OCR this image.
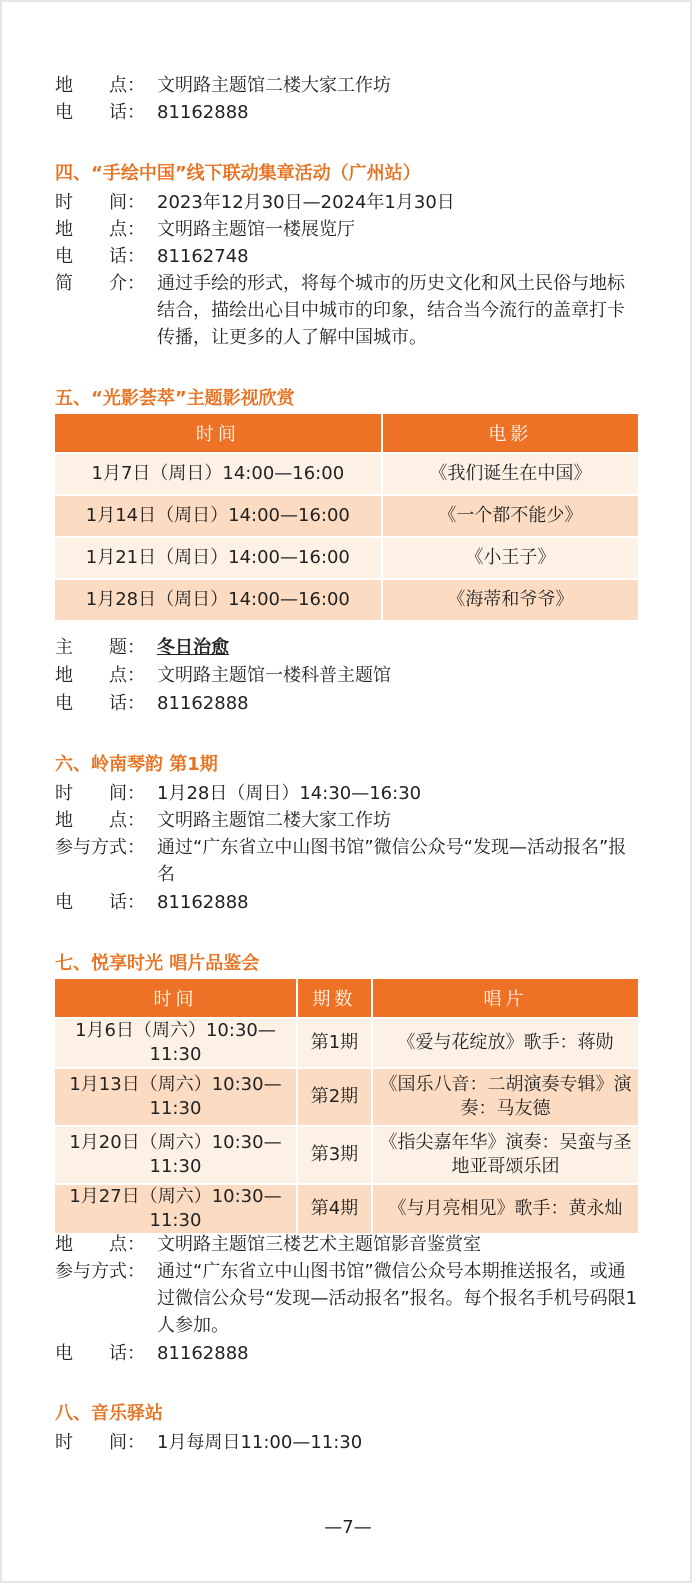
地　　点： 文明路主题馆二楼大家工作坊
电　　话： 81162888
四、“手绘中国”线下联动集章活动（广州站）
时　　间： 2023年12月30日—2024年1月30日
地　　点： 文明路主题馆一楼展览厅
电　　话： 81162748
简　　介： 通过手绘的形式，将每个城市的历史文化和风土民俗与地标结合，描绘出心目中城市的印象，结合当今流行的盖章打卡传播，让更多的人了解中国城市。
五、“光影荟萃”主题影视欣赏
时间	电影
1月7日（周日）14:00—16:00	《我们诞生在中国》
1月14日（周日）14:00—16:00	《一个都不能少》
1月21日（周日）14:00—16:00	《小王子》
1月28日（周日）14:00—16:00	《海蒂和爷爷》
主　　题： 冬日治愈
地　　点： 文明路主题馆一楼科普主题馆
电　　话： 81162888
六、岭南琴韵 第1期
时　　间： 1月28日（周日）14:30—16:30
地　　点： 文明路主题馆二楼大家工作坊
参与方式： 通过“广东省立中山图书馆”微信公众号“发现—活动报名”报名
电　　话： 81162888
七、悦享时光 唱片品鉴会
时间	期数	唱片
1月6日（周六）10:30—11:30	第1期	《爱与花绽放》歌手：蒋勋
1月13日（周六）10:30—11:30	第2期	《国乐八音：二胡演奏专辑》演奏：马友德
1月20日（周六）10:30—11:30	第3期	《指尖嘉年华》演奏：吴蛮与圣地亚哥颂乐团
1月27日（周六）10:30—11:30	第4期	《与月亮相见》歌手：黄永灿
地　　点： 文明路主题馆三楼艺术主题馆影音鉴赏室
参与方式： 通过“广东省立中山图书馆”微信公众号本期推送报名，或通过微信公众号“发现—活动报名”报名。每个报名手机号码限1人参加。
电　　话： 81162888
八、音乐驿站
时　　间： 1月每周日11:00—11:30
—7—
